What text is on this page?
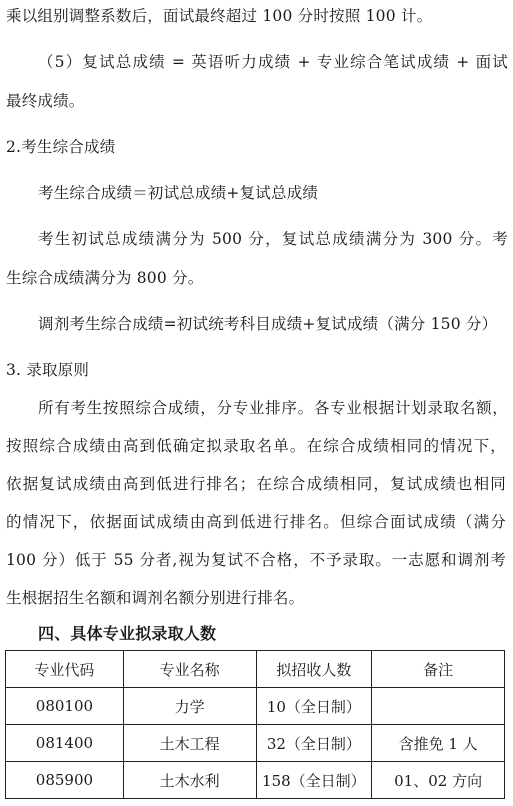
乘以组别调整系数后，面试最终超过 100 分时按照 100 计。
（5）复试总成绩 = 英语听力成绩 + 专业综合笔试成绩 + 面试
最终成绩。
2.考生综合成绩
考生综合成绩＝初试总成绩+复试总成绩
考生初试总成绩满分为 500 分，复试总成绩满分为 300 分。考
生综合成绩满分为 800 分。
调剂考生综合成绩=初试统考科目成绩+复试成绩（满分 150 分）
3. 录取原则
所有考生按照综合成绩，分专业排序。各专业根据计划录取名额，
按照综合成绩由高到低确定拟录取名单。在综合成绩相同的情况下，
依据复试成绩由高到低进行排名；在综合成绩相同，复试成绩也相同
的情况下，依据面试成绩由高到低进行排名。但综合面试成绩（满分
100 分）低于 55 分者,视为复试不合格，不予录取。一志愿和调剂考
生根据招生名额和调剂名额分别进行排名。
四、具体专业拟录取人数
专业代码	专业名称	拟招收人数	备注
080100	力学	10（全日制）	
081400	土木工程	32（全日制）	含推免 1 人
085900	土木水利	158（全日制）	01、02 方向
